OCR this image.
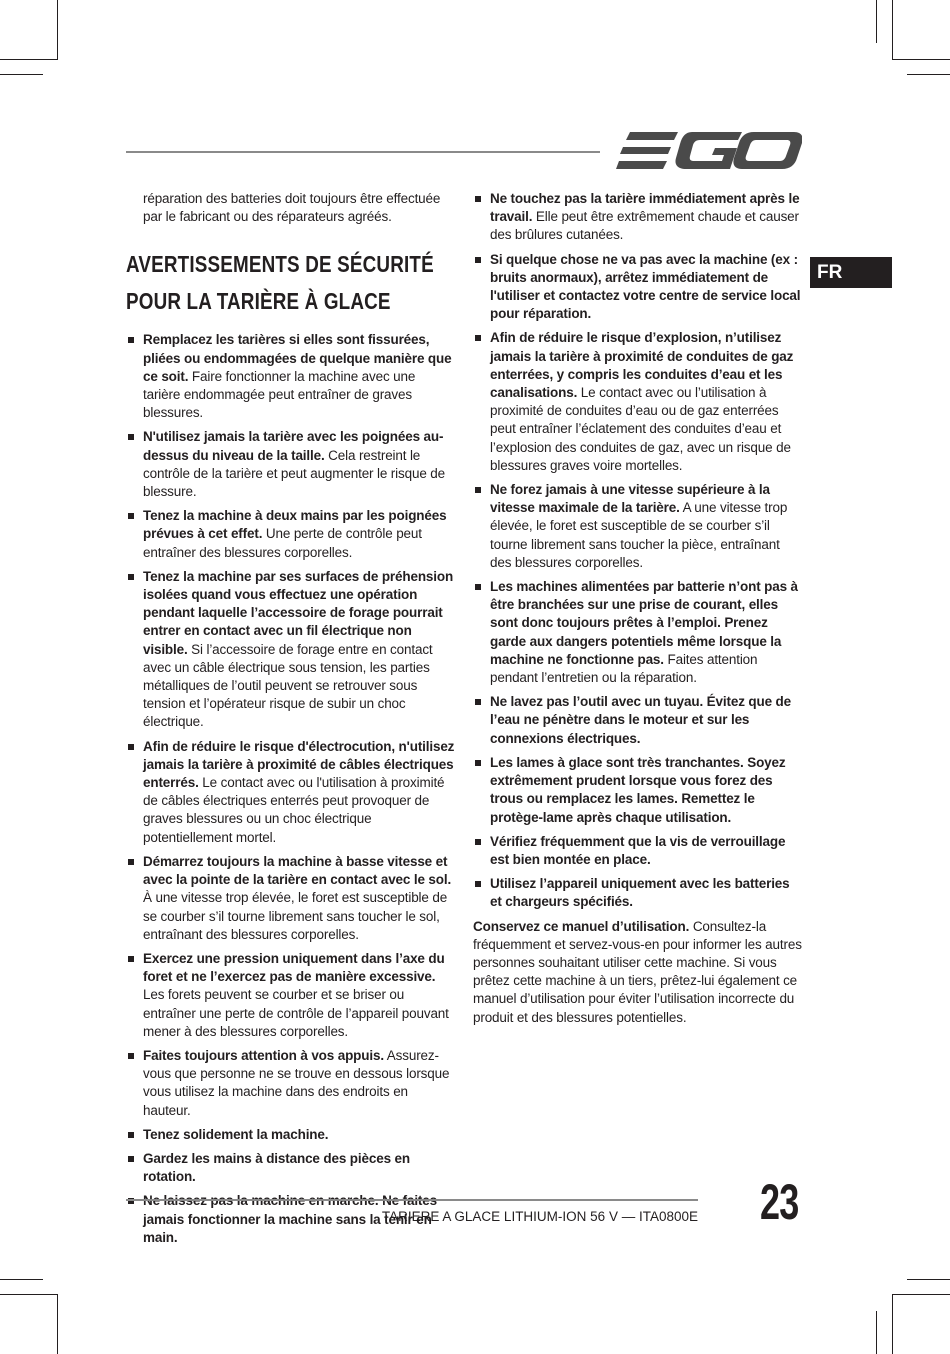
FR

réparation des batteries doit toujours être effectuée par le fabricant ou des réparateurs agréés.

AVERTISSEMENTS DE SÉCURITÉ POUR LA TARIÈRE À GLACE
Remplacez les tarières si elles sont fissurées, pliées ou endommagées de quelque manière que ce soit. Faire fonctionner la machine avec une tarière endommagée peut entraîner de graves blessures.
N'utilisez jamais la tarière avec les poignées au-dessus du niveau de la taille. Cela restreint le contrôle de la tarière et peut augmenter le risque de blessure.
Tenez la machine à deux mains par les poignées prévues à cet effet. Une perte de contrôle peut entraîner des blessures corporelles.
Tenez la machine par ses surfaces de préhension isolées quand vous effectuez une opération pendant laquelle l’accessoire de forage pourrait entrer en contact avec un fil électrique non visible. Si l’accessoire de forage entre en contact avec un câble électrique sous tension, les parties métalliques de l’outil peuvent se retrouver sous tension et l’opérateur risque de subir un choc électrique.
Afin de réduire le risque d'électrocution, n'utilisez jamais la tarière à proximité de câbles électriques enterrés. Le contact avec ou l'utilisation à proximité de câbles électriques enterrés peut provoquer de graves blessures ou un choc électrique potentiellement mortel.
Démarrez toujours la machine à basse vitesse et avec la pointe de la tarière en contact avec le sol. À une vitesse trop élevée, le foret est susceptible de se courber s’il tourne librement sans toucher le sol, entraînant des blessures corporelles.
Exercez une pression uniquement dans l’axe du foret et ne l’exercez pas de manière excessive. Les forets peuvent se courber et se briser ou entraîner une perte de contrôle de l’appareil pouvant mener à des blessures corporelles.
Faites toujours attention à vos appuis. Assurez-vous que personne ne se trouve en dessous lorsque vous utilisez la machine dans des endroits en hauteur.
Tenez solidement la machine.
Gardez les mains à distance des pièces en rotation.
jamais fonctionner la machine sans la tenir en main.
Ne touchez pas la tarière immédiatement après le travail. Elle peut être extrêmement chaude et causer des brûlures cutanées.
Si quelque chose ne va pas avec la machine (ex : bruits anormaux), arrêtez immédiatement de l'utiliser et contactez votre centre de service local pour réparation.
Afin de réduire le risque d’explosion, n’utilisez jamais la tarière à proximité de conduites de gaz enterrées, y compris les conduites d’eau et les canalisations. Le contact avec ou l’utilisation à proximité de conduites d’eau ou de gaz enterrées peut entraîner l’éclatement des conduites d’eau et l’explosion des conduites de gaz, avec un risque de blessures graves voire mortelles.
Ne forez jamais à une vitesse supérieure à la vitesse maximale de la tarière. A une vitesse trop élevée, le foret est susceptible de se courber s’il tourne librement sans toucher la pièce, entraînant des blessures corporelles.
Les machines alimentées par batterie n’ont pas à être branchées sur une prise de courant, elles sont donc toujours prêtes à l’emploi. Prenez garde aux dangers potentiels même lorsque la machine ne fonctionne pas. Faites attention pendant l’entretien ou la réparation.
Ne lavez pas l’outil avec un tuyau. Évitez que de l’eau ne pénètre dans le moteur et sur les connexions électriques.
Les lames à glace sont très tranchantes. Soyez extrêmement prudent lorsque vous forez des trous ou remplacez les lames. Remettez le protège-lame après chaque utilisation.
Vérifiez fréquemment que la vis de verrouillage est bien montée en place.
Utilisez l’appareil uniquement avec les batteries et chargeurs spécifiés.

Conservez ce manuel d’utilisation. Consultez-la fréquemment et servez-vous-en pour informer les autres personnes souhaitant utiliser cette machine. Si vous prêtez cette machine à un tiers, prêtez-lui également ce manuel d’utilisation pour éviter l’utilisation incorrecte du produit et des blessures potentielles.

TARIERE A GLACE LITHIUM-ION 56 V — ITA0800E 23
